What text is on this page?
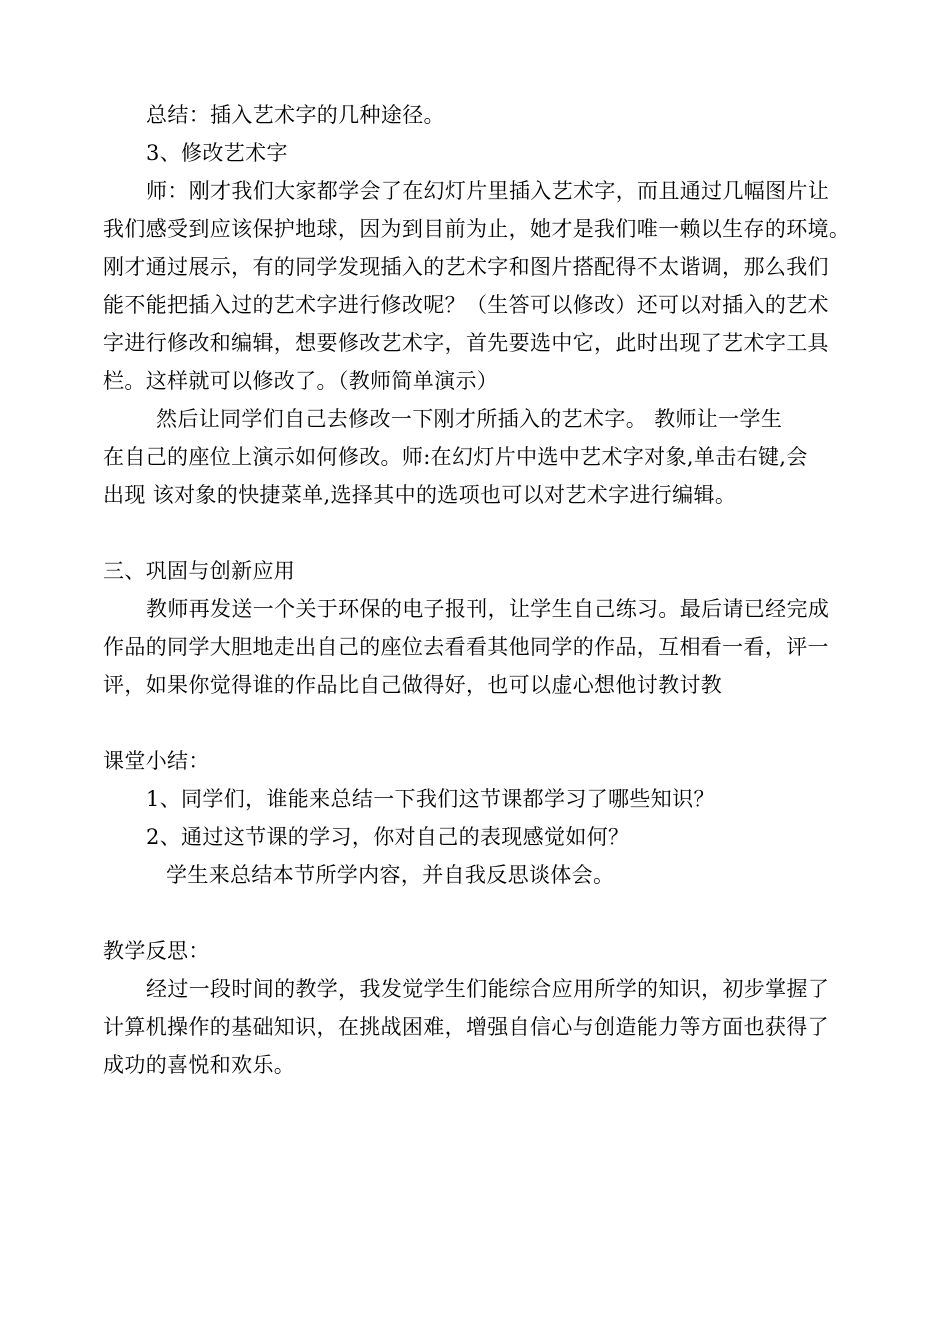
总结：插入艺术字的几种途径。
3、修改艺术字
师：刚才我们大家都学会了在幻灯片里插入艺术字，而且通过几幅图片让
我们感受到应该保护地球，因为到目前为止，她才是我们唯一赖以生存的环境。
刚才通过展示，有的同学发现插入的艺术字和图片搭配得不太谐调，那么我们
能不能把插入过的艺术字进行修改呢？（生答可以修改）还可以对插入的艺术
字进行修改和编辑，想要修改艺术字，首先要选中它，此时出现了艺术字工具
栏。这样就可以修改了。（教师简单演示）
然后让同学们自己去修改一下刚才所插入的艺术字。 教师让一学生
在自己的座位上演示如何修改。师:在幻灯片中选中艺术字对象,单击右键,会
出现 该对象的快捷菜单,选择其中的选项也可以对艺术字进行编辑。
三、巩固与创新应用
教师再发送一个关于环保的电子报刊，让学生自己练习。最后请已经完成
作品的同学大胆地走出自己的座位去看看其他同学的作品，互相看一看，评一
评，如果你觉得谁的作品比自己做得好，也可以虚心想他讨教讨教
课堂小结：
1、同学们，谁能来总结一下我们这节课都学习了哪些知识？
2、通过这节课的学习，你对自己的表现感觉如何？
学生来总结本节所学内容，并自我反思谈体会。
教学反思：
经过一段时间的教学，我发觉学生们能综合应用所学的知识，初步掌握了
计算机操作的基础知识，在挑战困难，增强自信心与创造能力等方面也获得了
成功的喜悦和欢乐。
